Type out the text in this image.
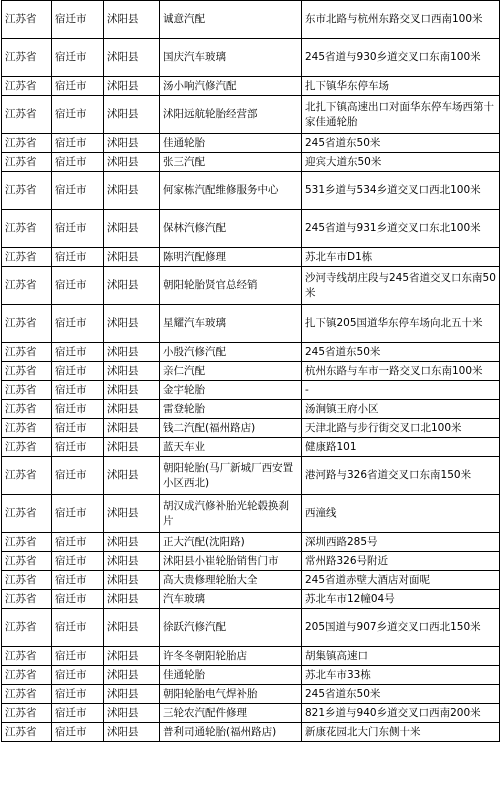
江苏省	宿迁市	沭阳县	诚意汽配	东市北路与杭州东路交叉口西南100米
江苏省	宿迁市	沭阳县	国庆汽车玻璃	245省道与930乡道交叉口东南100米
江苏省	宿迁市	沭阳县	汤小响汽修汽配	扎下镇华东停车场
江苏省	宿迁市	沭阳县	沭阳远航轮胎经营部	北扎下镇高速出口对面华东停车场西第十家佳通轮胎
江苏省	宿迁市	沭阳县	佳通轮胎	245省道东50米
江苏省	宿迁市	沭阳县	张三汽配	迎宾大道东50米
江苏省	宿迁市	沭阳县	何家栋汽配维修服务中心	531乡道与534乡道交叉口西北100米
江苏省	宿迁市	沭阳县	保林汽修汽配	245省道与931乡道交叉口东北100米
江苏省	宿迁市	沭阳县	陈明汽配修理	苏北车市D1栋
江苏省	宿迁市	沭阳县	朝阳轮胎贤官总经销	沙河寺线胡庄段与245省道交叉口东南50米
江苏省	宿迁市	沭阳县	星耀汽车玻璃	扎下镇205国道华东停车场向北五十米
江苏省	宿迁市	沭阳县	小殷汽修汽配	245省道东50米
江苏省	宿迁市	沭阳县	亲仁汽配	杭州东路与车市一路交叉口东南100米
江苏省	宿迁市	沭阳县	金宇轮胎	-
江苏省	宿迁市	沭阳县	雷登轮胎	汤涧镇王府小区
江苏省	宿迁市	沭阳县	钱二汽配(福州路店)	天津北路与步行街交叉口北100米
江苏省	宿迁市	沭阳县	蓝天车业	健康路101
江苏省	宿迁市	沭阳县	朝阳轮胎(马厂新城厂西安置小区西北)	港河路与326省道交叉口东南150米
江苏省	宿迁市	沭阳县	胡汉成汽修补胎光轮毂换刹片	西潼线
江苏省	宿迁市	沭阳县	正大汽配(沈阳路)	深圳西路285号
江苏省	宿迁市	沭阳县	沭阳县小崔轮胎销售门市	常州路326号附近
江苏省	宿迁市	沭阳县	高大贵修理轮胎大全	245省道赤壁大酒店对面呢
江苏省	宿迁市	沭阳县	汽车玻璃	苏北车市12幢04号
江苏省	宿迁市	沭阳县	徐跃汽修汽配	205国道与907乡道交叉口西北150米
江苏省	宿迁市	沭阳县	许冬冬朝阳轮胎店	胡集镇高速口
江苏省	宿迁市	沭阳县	佳通轮胎	苏北车市33栋
江苏省	宿迁市	沭阳县	朝阳轮胎电气焊补胎	245省道东50米
江苏省	宿迁市	沭阳县	三轮农汽配件修理	821乡道与940乡道交叉口西南200米
江苏省	宿迁市	沭阳县	普利司通轮胎(福州路店)	新康花园北大门东侧十米
